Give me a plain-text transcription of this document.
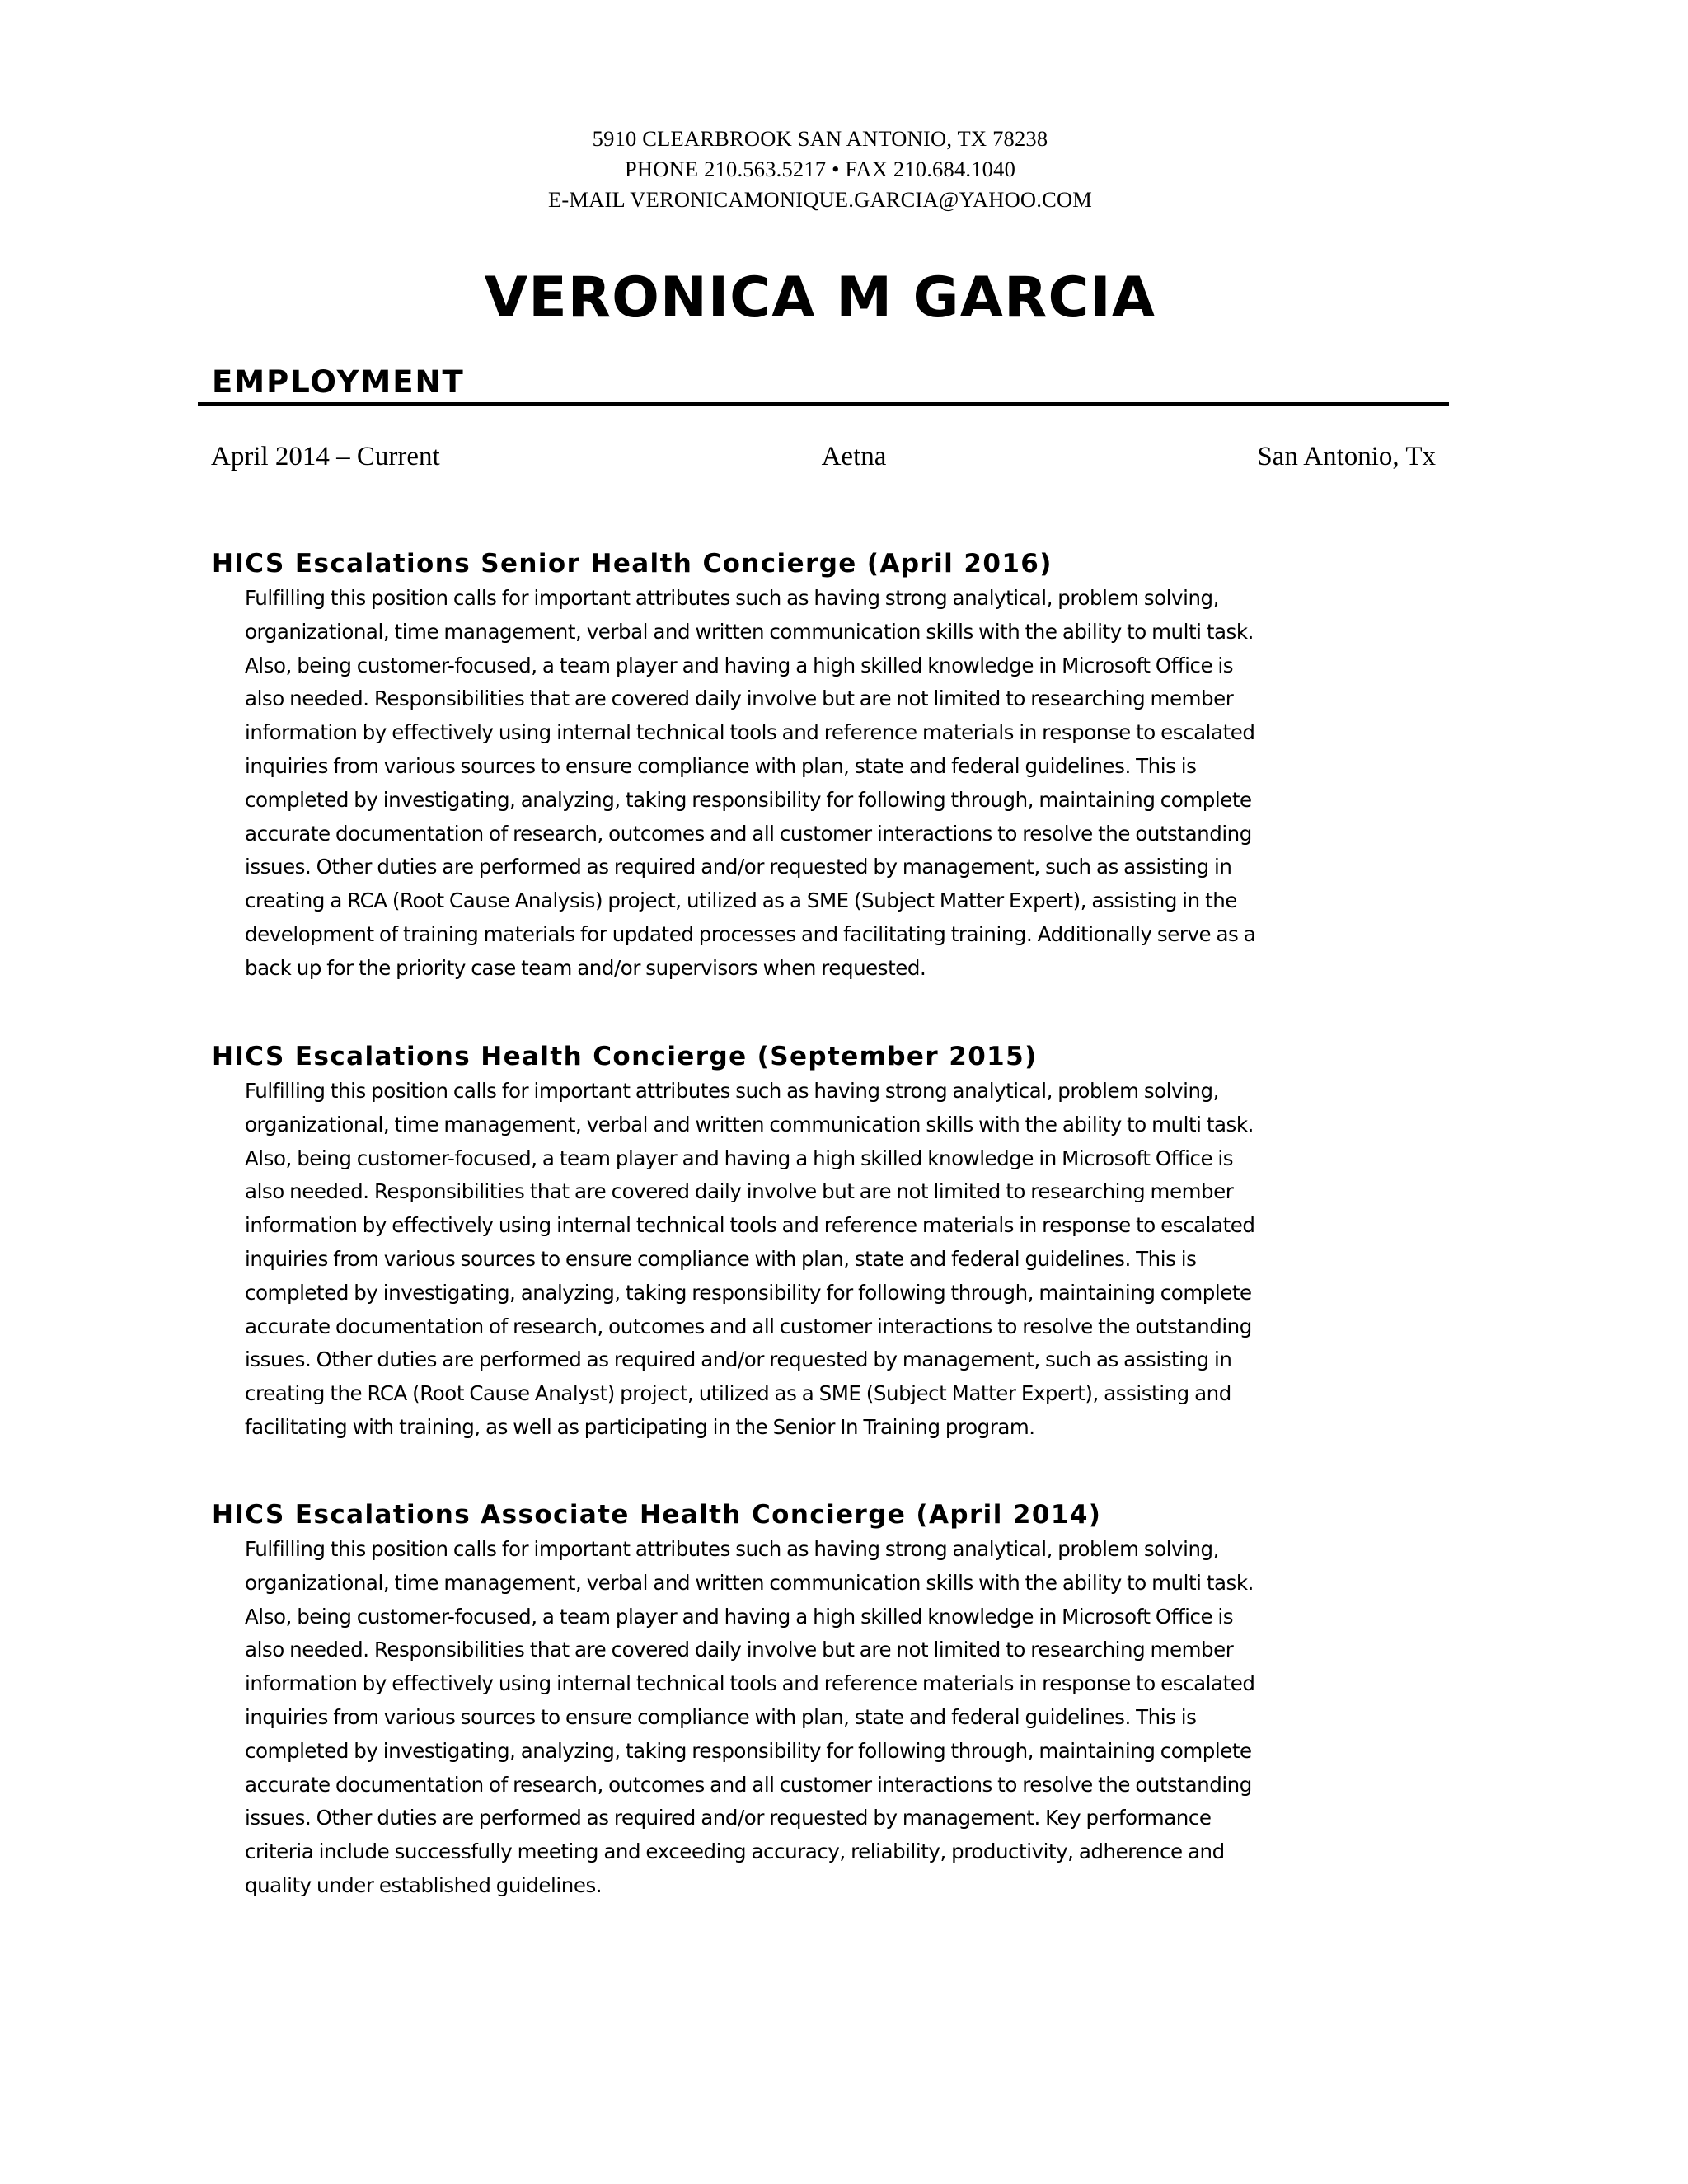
5910 CLEARBROOK SAN ANTONIO, TX 78238
PHONE 210.563.5217 • FAX 210.684.1040
E-MAIL VERONICAMONIQUE.GARCIA@YAHOO.COM
VERONICA M GARCIA
EMPLOYMENT
April 2014 – Current	Aetna	San Antonio, Tx
HICS Escalations Senior Health Concierge (April 2016)

Fulfilling this position calls for important attributes such as having strong analytical, problem solving,
organizational, time management, verbal and written communication skills with the ability to multi task.
Also, being customer-focused, a team player and having a high skilled knowledge in Microsoft Office is
also needed. Responsibilities that are covered daily involve but are not limited to researching member
information by effectively using internal technical tools and reference materials in response to escalated
inquiries from various sources to ensure compliance with plan, state and federal guidelines. This is
completed by investigating, analyzing, taking responsibility for following through, maintaining complete
accurate documentation of research, outcomes and all customer interactions to resolve the outstanding
issues. Other duties are performed as required and/or requested by management, such as assisting in
creating a RCA (Root Cause Analysis) project, utilized as a SME (Subject Matter Expert), assisting in the
development of training materials for updated processes and facilitating training. Additionally serve as a
back up for the priority case team and/or supervisors when requested.

HICS Escalations Health Concierge (September 2015)

Fulfilling this position calls for important attributes such as having strong analytical, problem solving,
organizational, time management, verbal and written communication skills with the ability to multi task.
Also, being customer-focused, a team player and having a high skilled knowledge in Microsoft Office is
also needed. Responsibilities that are covered daily involve but are not limited to researching member
information by effectively using internal technical tools and reference materials in response to escalated
inquiries from various sources to ensure compliance with plan, state and federal guidelines. This is
completed by investigating, analyzing, taking responsibility for following through, maintaining complete
accurate documentation of research, outcomes and all customer interactions to resolve the outstanding
issues. Other duties are performed as required and/or requested by management, such as assisting in
creating the RCA (Root Cause Analyst) project, utilized as a SME (Subject Matter Expert), assisting and
facilitating with training, as well as participating in the Senior In Training program.

HICS Escalations Associate Health Concierge (April 2014)

Fulfilling this position calls for important attributes such as having strong analytical, problem solving,
organizational, time management, verbal and written communication skills with the ability to multi task.
Also, being customer-focused, a team player and having a high skilled knowledge in Microsoft Office is
also needed. Responsibilities that are covered daily involve but are not limited to researching member
information by effectively using internal technical tools and reference materials in response to escalated
inquiries from various sources to ensure compliance with plan, state and federal guidelines. This is
completed by investigating, analyzing, taking responsibility for following through, maintaining complete
accurate documentation of research, outcomes and all customer interactions to resolve the outstanding
issues. Other duties are performed as required and/or requested by management. Key performance
criteria include successfully meeting and exceeding accuracy, reliability, productivity, adherence and
quality under established guidelines.
